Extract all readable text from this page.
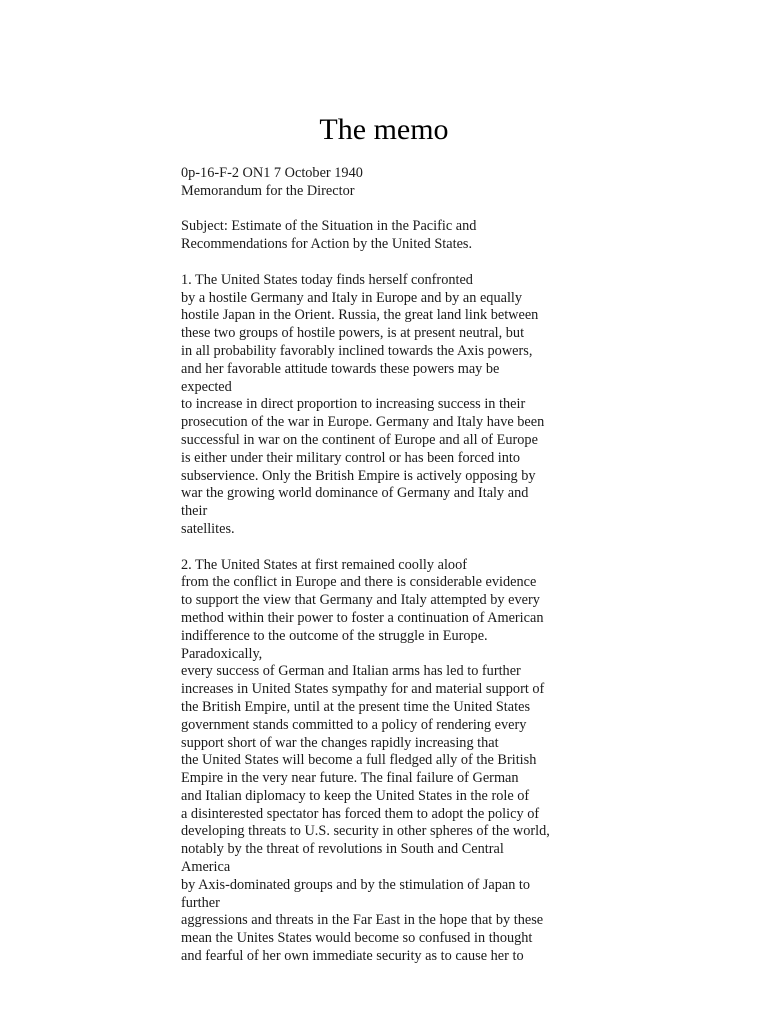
The memo
0p-16-F-2 ON1 7 October 1940
Memorandum for the Director
Subject: Estimate of the Situation in the Pacific and
Recommendations for Action by the United States.
1. The United States today finds herself confronted
by a hostile Germany and Italy in Europe and by an equally
hostile Japan in the Orient. Russia, the great land link between
these two groups of hostile powers, is at present neutral, but
in all probability favorably inclined towards the Axis powers,
and her favorable attitude towards these powers may be
expected
to increase in direct proportion to increasing success in their
prosecution of the war in Europe. Germany and Italy have been
successful in war on the continent of Europe and all of Europe
is either under their military control or has been forced into
subservience. Only the British Empire is actively opposing by
war the growing world dominance of Germany and Italy and
their
satellites.
2. The United States at first remained coolly aloof
from the conflict in Europe and there is considerable evidence
to support the view that Germany and Italy attempted by every
method within their power to foster a continuation of American
indifference to the outcome of the struggle in Europe.
Paradoxically,
every success of German and Italian arms has led to further
increases in United States sympathy for and material support of
the British Empire, until at the present time the United States
government stands committed to a policy of rendering every
support short of war the changes rapidly increasing that
the United States will become a full fledged ally of the British
Empire in the very near future. The final failure of German
and Italian diplomacy to keep the United States in the role of
a disinterested spectator has forced them to adopt the policy of
developing threats to U.S. security in other spheres of the world,
notably by the threat of revolutions in South and Central
America
by Axis-dominated groups and by the stimulation of Japan to
further
aggressions and threats in the Far East in the hope that by these
mean the Unites States would become so confused in thought
and fearful of her own immediate security as to cause her to
